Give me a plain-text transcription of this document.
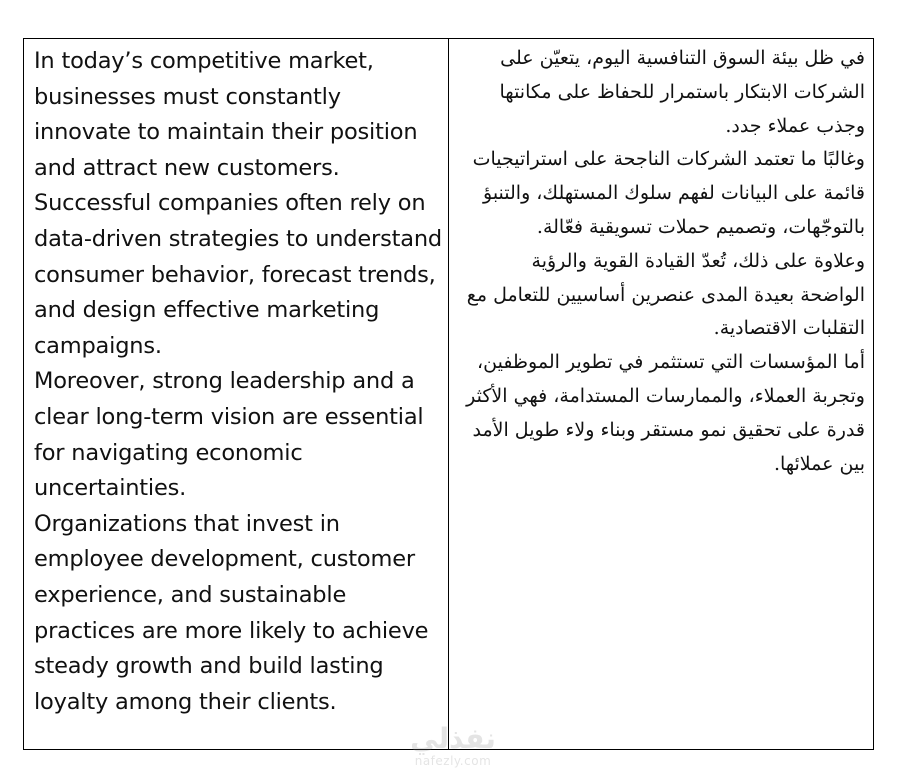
In today’s competitive market, businesses must constantly innovate to maintain their position and attract new customers.

Successful companies often rely on data-driven strategies to understand consumer behavior, forecast trends, and design effective marketing campaigns.

Moreover, strong leadership and a clear long-term vision are essential for navigating economic uncertainties.

Organizations that invest in employee development, customer experience, and sustainable practices are more likely to achieve steady growth and build lasting loyalty among their clients.

في ظل بيئة السوق التنافسية اليوم، يتعيّن على الشركات الابتكار باستمرار للحفاظ على مكانتها وجذب عملاء جدد.

وغالبًا ما تعتمد الشركات الناجحة على استراتيجيات قائمة على البيانات لفهم سلوك المستهلك، والتنبؤ بالتوجّهات، وتصميم حملات تسويقية فعّالة.

وعلاوة على ذلك، تُعدّ القيادة القوية والرؤية الواضحة بعيدة المدى عنصرين أساسيين للتعامل مع التقلبات الاقتصادية.

أما المؤسسات التي تستثمر في تطوير الموظفين، وتجربة العملاء، والممارسات المستدامة، فهي الأكثر قدرة على تحقيق نمو مستقر وبناء ولاء طويل الأمد بين عملائها.

نفذلي
nafezly.com
